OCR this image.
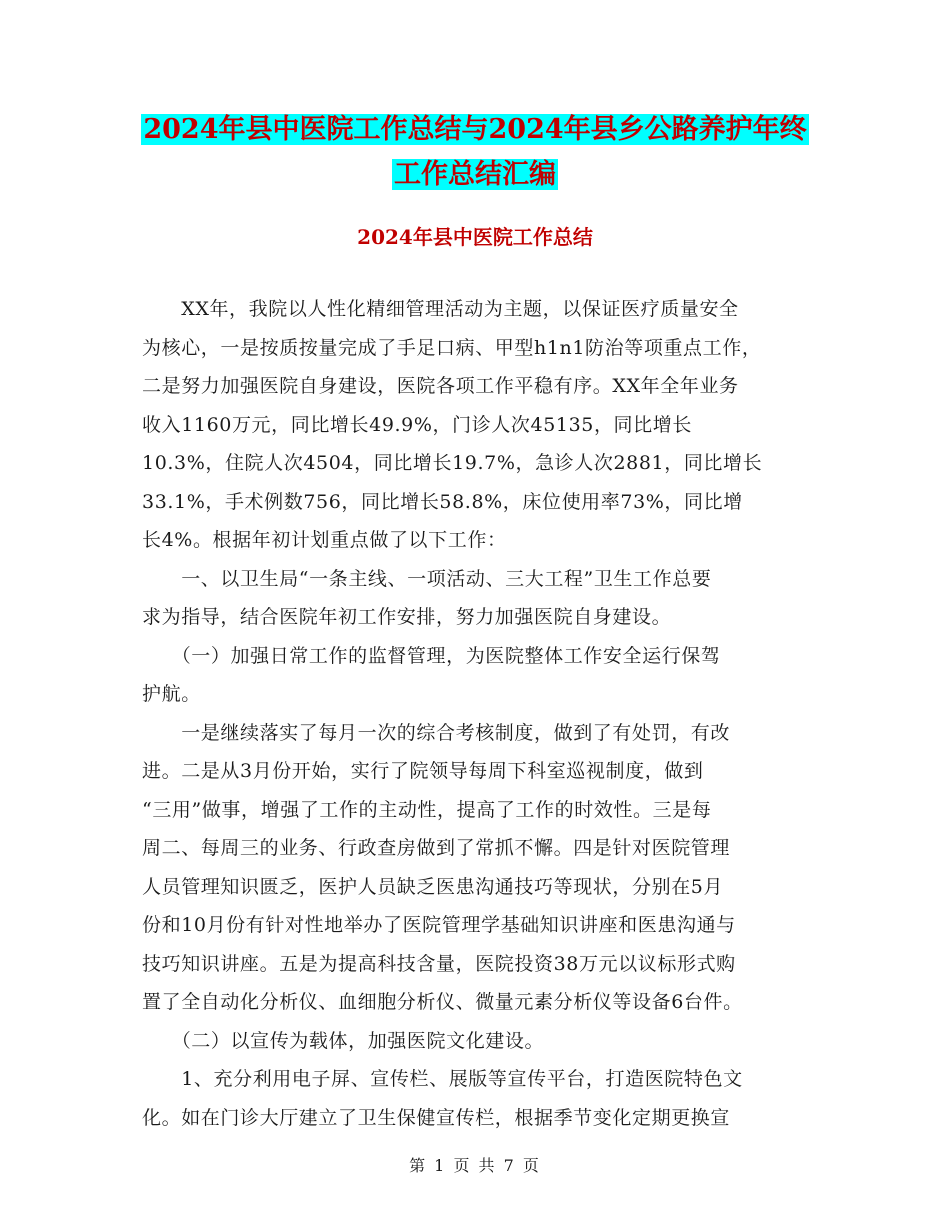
2024年县中医院工作总结与2024年县乡公路养护年终
工作总结汇编
2024年县中医院工作总结
　　XX年，我院以人性化精细管理活动为主题，以保证医疗质量安全
为核心，一是按质按量完成了手足口病、甲型h1n1防治等项重点工作，
二是努力加强医院自身建设，医院各项工作平稳有序。XX年全年业务
收入1160万元，同比增长49.9%，门诊人次45135，同比增长
10.3%，住院人次4504，同比增长19.7%，急诊人次2881，同比增长
33.1%，手术例数756，同比增长58.8%，床位使用率73%，同比增
长4%。根据年初计划重点做了以下工作：
　　一、以卫生局“一条主线、一项活动、三大工程”卫生工作总要
求为指导，结合医院年初工作安排，努力加强医院自身建设。
　　（一）加强日常工作的监督管理，为医院整体工作安全运行保驾
护航。
　　一是继续落实了每月一次的综合考核制度，做到了有处罚，有改
进。二是从3月份开始，实行了院领导每周下科室巡视制度，做到
“三用”做事，增强了工作的主动性，提高了工作的时效性。三是每
周二、每周三的业务、行政查房做到了常抓不懈。四是针对医院管理
人员管理知识匮乏，医护人员缺乏医患沟通技巧等现状，分别在5月
份和10月份有针对性地举办了医院管理学基础知识讲座和医患沟通与
技巧知识讲座。五是为提高科技含量，医院投资38万元以议标形式购
置了全自动化分析仪、血细胞分析仪、微量元素分析仪等设备6台件。
　　（二）以宣传为载体，加强医院文化建设。
　　1、充分利用电子屏、宣传栏、展版等宣传平台，打造医院特色文
化。如在门诊大厅建立了卫生保健宣传栏，根据季节变化定期更换宣
第 1 页 共 7 页
